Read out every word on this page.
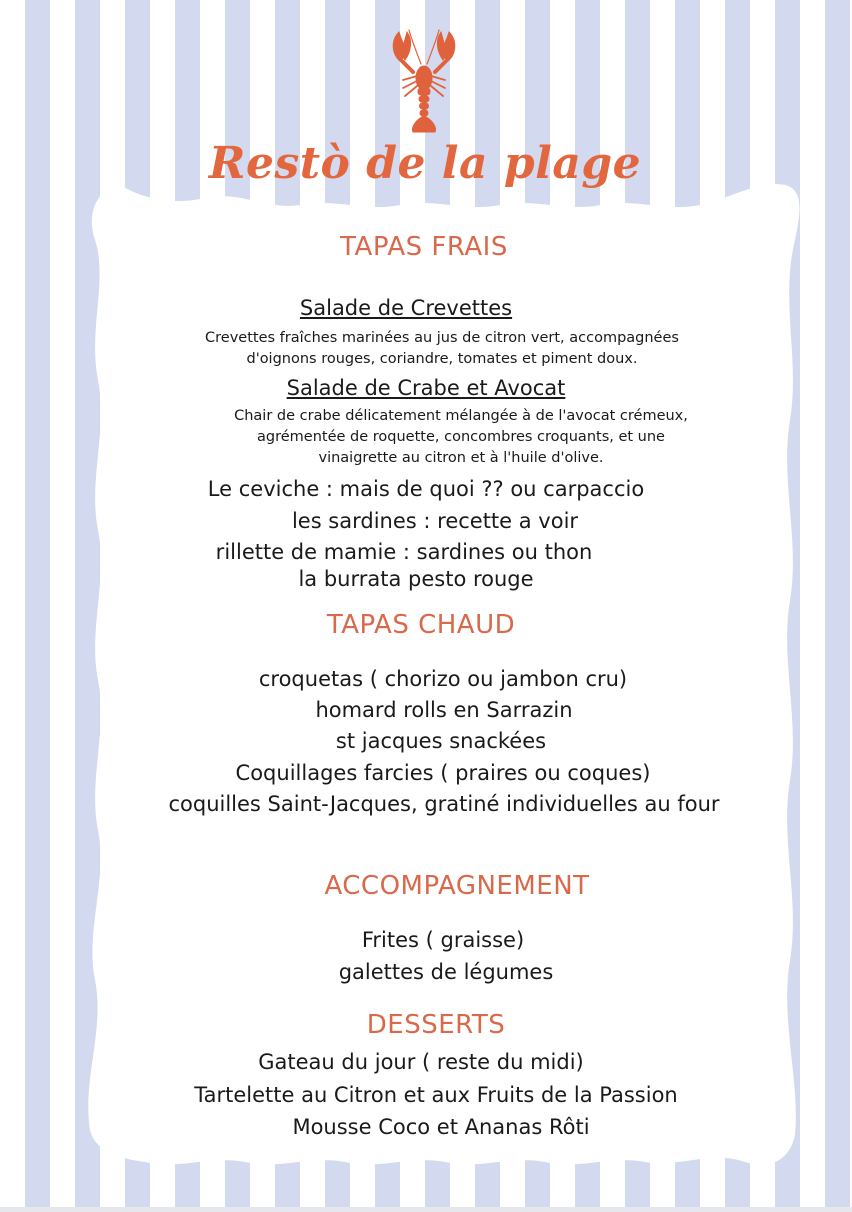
Restò de la plage
TAPAS FRAIS
Salade de Crevettes
Crevettes fraîches marinées au jus de citron vert, accompagnées
d'oignons rouges, coriandre, tomates et piment doux.
Salade de Crabe et Avocat
Chair de crabe délicatement mélangée à de l'avocat crémeux,
agrémentée de roquette, concombres croquants, et une
vinaigrette au citron et à l'huile d'olive.
Le ceviche : mais de quoi ?? ou carpaccio
les sardines : recette a voir
rillette de mamie : sardines ou thon
la burrata pesto rouge
TAPAS CHAUD
croquetas ( chorizo ou jambon cru)
homard rolls en Sarrazin
st jacques snackées
Coquillages farcies ( praires ou coques)
coquilles Saint-Jacques, gratiné individuelles au four
ACCOMPAGNEMENT
Frites ( graisse)
galettes de légumes
DESSERTS
Gateau du jour ( reste du midi)
Tartelette au Citron et aux Fruits de la Passion
Mousse Coco et Ananas Rôti
